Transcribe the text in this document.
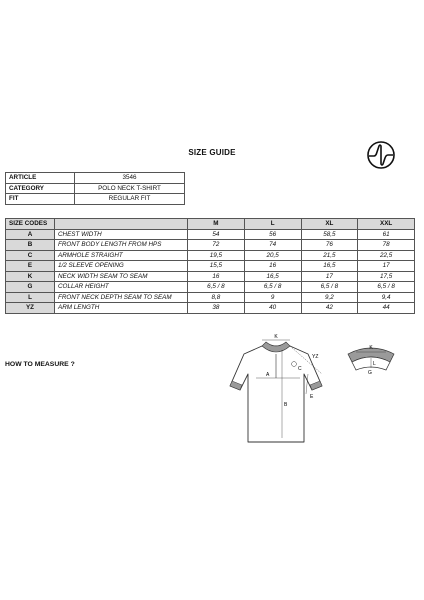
SIZE GUIDE
ARTICLE	3546
CATEGORY	POLO NECK T-SHIRT
FIT	REGULAR FIT
SIZE CODES		M	L	XL	XXL
A	CHEST WIDTH	54	56	58,5	61
B	FRONT BODY LENGTH FROM HPS	72	74	76	78
C	ARMHOLE STRAIGHT	19,5	20,5	21,5	22,5
E	1/2 SLEEVE OPENING	15,5	16	16,5	17
K	NECK WIDTH SEAM TO SEAM	16	16,5	17	17,5
G	COLLAR HEIGHT	6,5 / 8	6,5 / 8	6,5 / 8	6,5 / 8
L	FRONT NECK DEPTH SEAM TO SEAM	8,8	9	9,2	9,4
YZ	ARM LENGTH	38	40	42	44
HOW TO MEASURE ?
K
YZ
A
C
B
E
K
L
G
